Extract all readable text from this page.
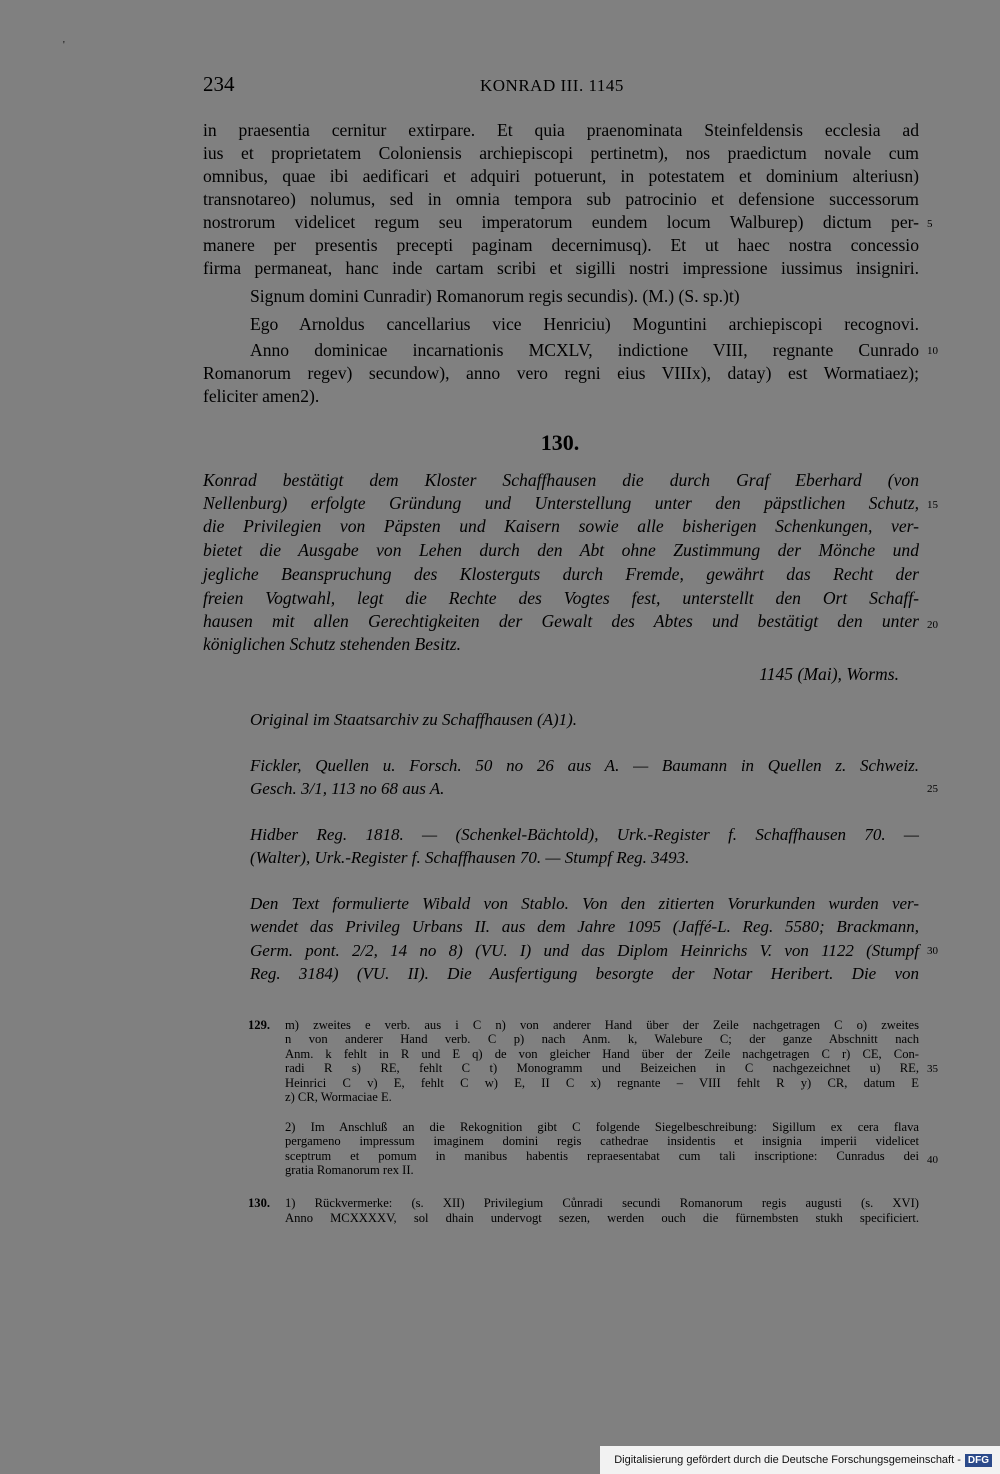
'
234	KONRAD III. 1145
in praesentia cernitur extirpare. Et quia praenominata Steinfeldensis ecclesia ad
ius et proprietatem Coloniensis archiepiscopi pertinetm), nos praedictum novale cum
omnibus, quae ibi aedificari et adquiri potuerunt, in potestatem et dominium alteriusn)
transnotareo) nolumus, sed in omnia tempora sub patrocinio et defensione successorum
nostrorum videlicet regum seu imperatorum eundem locum Walburep) dictum per-
manere per presentis precepti paginam decernimusq). Et ut haec nostra concessio
firma permaneat, hanc inde cartam scribi et sigilli nostri impressione iussimus insigniri.
Signum domini Cunradir) Romanorum regis secundis). (M.) (S. sp.)t)
Ego Arnoldus cancellarius vice Henriciu) Moguntini archiepiscopi recognovi.
Anno dominicae incarnationis MCXLV, indictione VIII, regnante Cunrado
Romanorum regev) secundow), anno vero regni eius VIIIx), datay) est Wormatiaez);
feliciter amen2).
130.
Konrad bestätigt dem Kloster Schaffhausen die durch Graf Eberhard (von
Nellenburg) erfolgte Gründung und Unterstellung unter den päpstlichen Schutz,
die Privilegien von Päpsten und Kaisern sowie alle bisherigen Schenkungen, ver-
bietet die Ausgabe von Lehen durch den Abt ohne Zustimmung der Mönche und
jegliche Beanspruchung des Klosterguts durch Fremde, gewährt das Recht der
freien Vogtwahl, legt die Rechte des Vogtes fest, unterstellt den Ort Schaff-
hausen mit allen Gerechtigkeiten der Gewalt des Abtes und bestätigt den unter
königlichen Schutz stehenden Besitz.
1145 (Mai), Worms.
Original im Staatsarchiv zu Schaffhausen (A)1).
Fickler, Quellen u. Forsch. 50 no 26 aus A. — Baumann in Quellen z. Schweiz.
Gesch. 3/1, 113 no 68 aus A.
Hidber Reg. 1818. — (Schenkel-Bächtold), Urk.-Register f. Schaffhausen 70. —
(Walter), Urk.-Register f. Schaffhausen 70. — Stumpf Reg. 3493.
Den Text formulierte Wibald von Stablo. Von den zitierten Vorurkunden wurden ver-
wendet das Privileg Urbans II. aus dem Jahre 1095 (Jaffé-L. Reg. 5580; Brackmann,
Germ. pont. 2/2, 14 no 8) (VU. I) und das Diplom Heinrichs V. von 1122 (Stumpf
Reg. 3184) (VU. II). Die Ausfertigung besorgte der Notar Heribert. Die von
5
10
15
20
25
30
35
40
129. m) zweites e verb. aus i C n) von anderer Hand über der Zeile nachgetragen C o) zweites
n von anderer Hand verb. C p) nach Anm. k, Walebure C; der ganze Abschnitt nach
Anm. k fehlt in R und E q) de von gleicher Hand über der Zeile nachgetragen C r) CE, Con-
radi R s) RE, fehlt C t) Monogramm und Beizeichen in C nachgezeichnet u) RE,
Heinrici C v) E, fehlt C w) E, II C x) regnante – VIII fehlt R y) CR, datum E
z) CR, Wormaciae E.
2) Im Anschluß an die Rekognition gibt C folgende Siegelbeschreibung: Sigillum ex cera flava
pergameno impressum imaginem domini regis cathedrae insidentis et insignia imperii videlicet
sceptrum et pomum in manibus habentis repraesentabat cum tali inscriptione: Cunradus dei
gratia Romanorum rex II.
130. 1) Rückvermerke: (s. XII) Privilegium Cůnradi secundi Romanorum regis augusti (s. XVI)
Anno MCXXXXV, sol dhain undervogt sezen, werden ouch die fürnembsten stukh specificiert.
Digitalisierung gefördert durch die Deutsche Forschungsgemeinschaft - DFG
